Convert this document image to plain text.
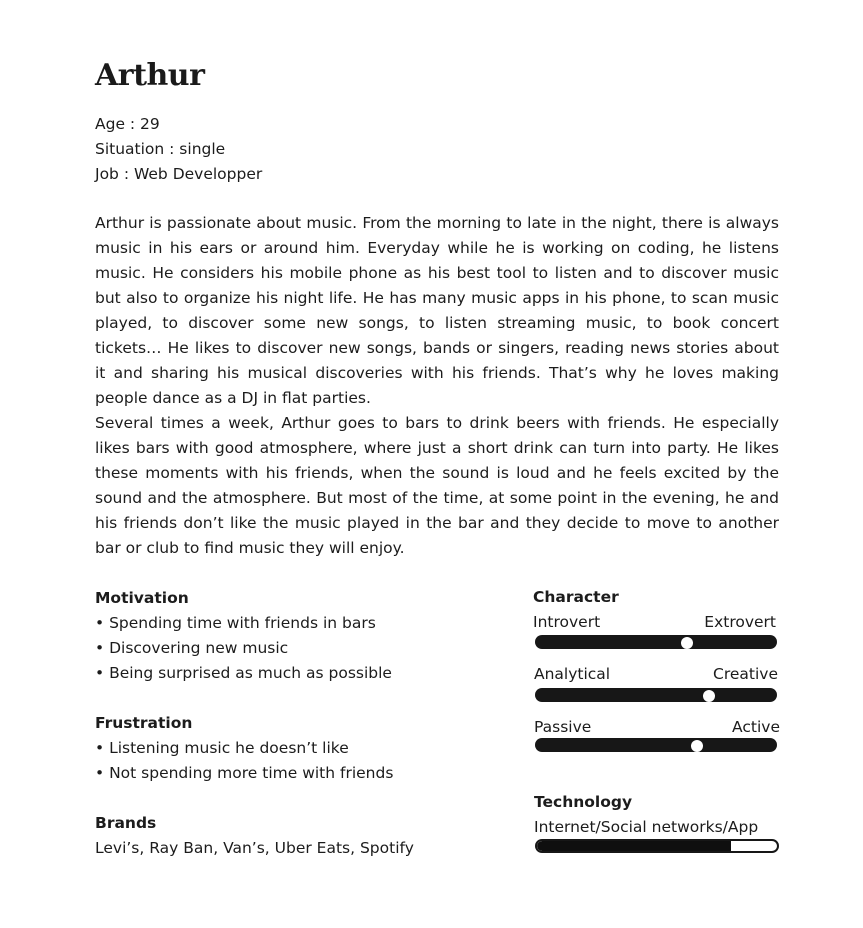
Arthur
Age : 29
Situation : single
Job : Web Developper

Arthur is passionate about music. From the morning to late in the night, there is always music in his ears or around him. Everyday while he is working on coding, he listens music. He considers his mobile phone as his best tool to listen and to discover music but also to organize his night life. He has many music apps in his phone, to scan music played, to discover some new songs, to listen streaming music, to book concert tickets… He likes to discover new songs, bands or singers, reading news stories about it and sharing his musical discoveries with his friends. That’s why he loves making people dance as a DJ in flat parties.

Several times a week, Arthur goes to bars to drink beers with friends. He especially likes bars with good atmosphere, where just a short drink can turn into party. He likes these moments with his friends, when the sound is loud and he feels excited by the sound and the atmosphere. But most of the time, at some point in the evening, he and his friends don’t like the music played in the bar and they decide to move to another bar or club to find music they will enjoy.

Motivation
• Spending time with friends in bars
• Discovering new music
• Being surprised as much as possible
Frustration
• Listening music he doesn’t like
• Not spending more time with friends
Brands
Levi’s, Ray Ban, Van’s, Uber Eats, Spotify
Character
Introvert	Extrovert
Analytical	Creative
Passive	Active
Technology
Internet/Social networks/App
